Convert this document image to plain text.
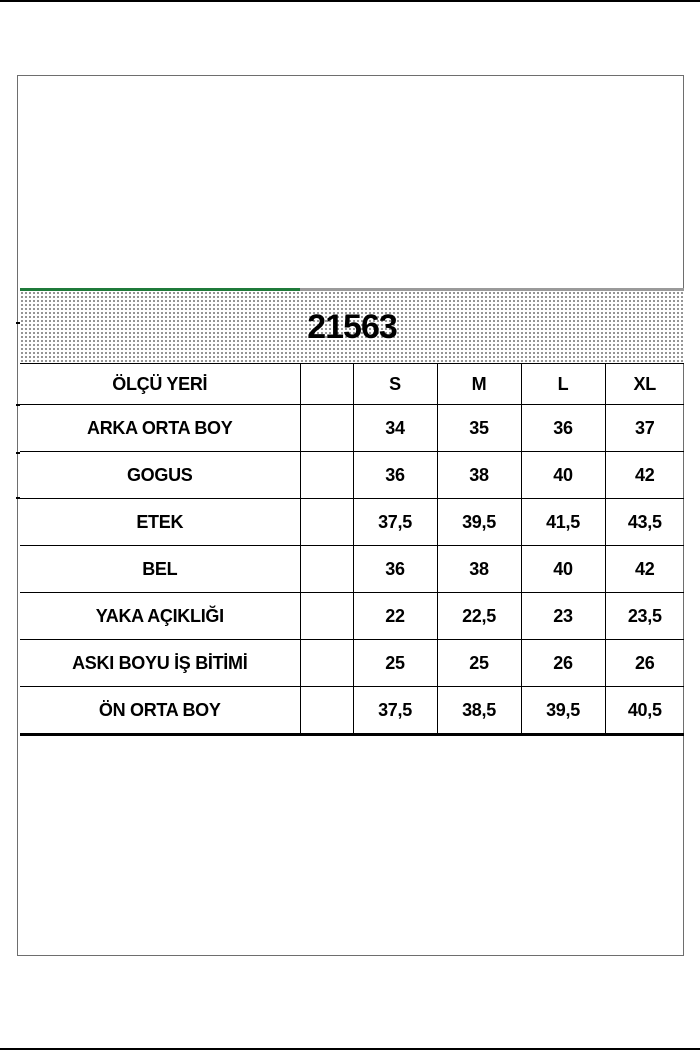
21563					
ÖLÇÜ YERİ		S	M	L	XL
ARKA ORTA BOY		34	35	36	37
GOGUS		36	38	40	42
ETEK		37,5	39,5	41,5	43,5
BEL		36	38	40	42
YAKA AÇIKLIĞI		22	22,5	23	23,5
ASKI BOYU İŞ BİTİMİ		25	25	26	26
ÖN ORTA BOY		37,5	38,5	39,5	40,5
